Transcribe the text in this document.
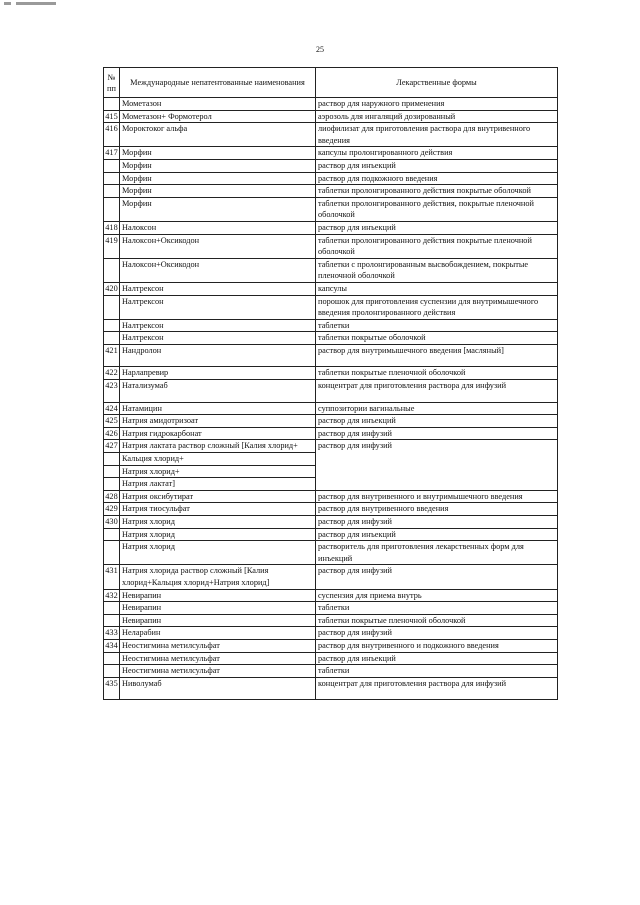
25
№ пп	Международные непатентованные наименования	Лекарственные формы
	Мометазон	раствор для наружного применения
415	Мометазон+ Формотерол	аэрозоль для ингаляций дозированный
416	Мороктоког альфа	лиофилизат для приготовления раствора для внутривенного введения
417	Морфин	капсулы пролонгированного действия
	Морфин	раствор для инъекций
	Морфин	раствор для подкожного введения
	Морфин	таблетки пролонгированного действия покрытые оболочкой
	Морфин	таблетки пролонгированного действия, покрытые пленочной оболочкой
418	Налоксон	раствор для инъекций
419	Налоксон+Оксикодон	таблетки пролонгированного действия покрытые пленочной оболочкой
	Налоксон+Оксикодон	таблетки с пролонгированным высвобождением, покрытые пленочной оболочкой
420	Налтрексон	капсулы
	Налтрексон	порошок для приготовления суспензии для внутримышечного введения пролонгированного действия
	Налтрексон	таблетки
	Налтрексон	таблетки покрытые оболочкой
421	Нандролон	раствор для внутримышечного введения [масляный]
422	Нарлапревир	таблетки покрытые пленочной оболочкой
423	Натализумаб	концентрат для приготовления раствора для инфузий
424	Натамицин	суппозитории вагинальные
425	Натрия амидотризоат	раствор для инъекций
426	Натрия гидрокарбонат	раствор для инфузий
427	Натрия лактата раствор сложный [Калия хлорид+	раствор для инфузий
	Кальция хлорид+	
	Натрия хлорид+	
	Натрия лактат]	
428	Натрия оксибутират	раствор для внутривенного и внутримышечного введения
429	Натрия тиосульфат	раствор для внутривенного введения
430	Натрия хлорид	раствор для инфузий
	Натрия хлорид	раствор для инъекций
	Натрия хлорид	растворитель для приготовления лекарственных форм для инъекций
431	Натрия хлорида раствор сложный [Калия хлорид+Кальция хлорид+Натрия хлорид]	раствор для инфузий
432	Невирапин	суспензия для приема внутрь
	Невирапин	таблетки
	Невирапин	таблетки покрытые пленочной оболочкой
433	Неларабин	раствор для инфузий
434	Неостигмина метилсульфат	раствор для внутривенного и подкожного введения
	Неостигмина метилсульфат	раствор для инъекций
	Неостигмина метилсульфат	таблетки
435	Ниволумаб	концентрат для приготовления раствора для инфузий
